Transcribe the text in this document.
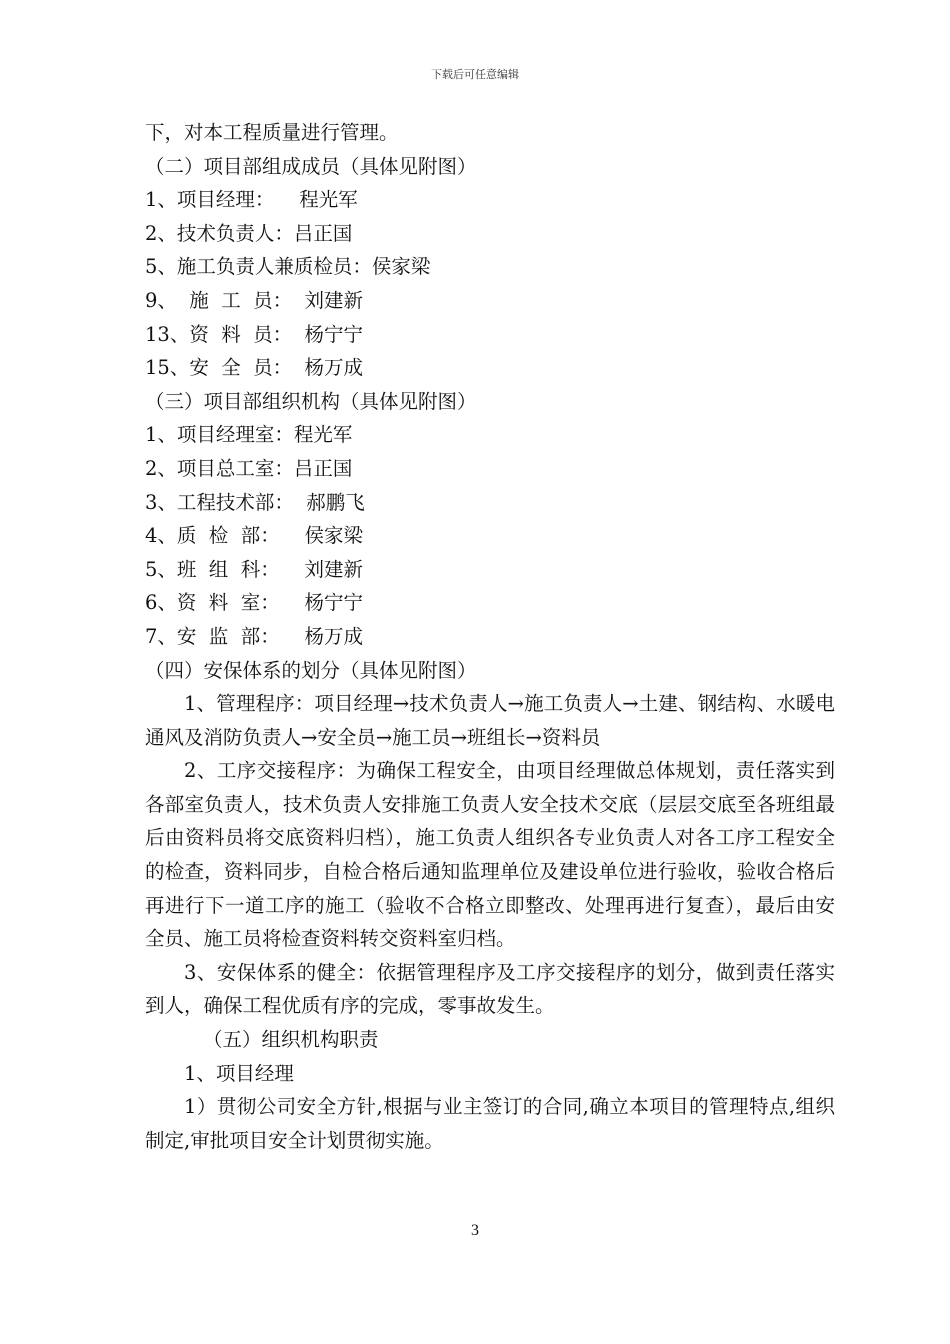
下载后可任意编辑

下，对本工程质量进行管理。

（二）项目部组成成员（具体见附图）

1、项目经理：    程光军

2、技术负责人：吕正国

5、施工负责人兼质检员：侯家梁

9、  施  工  员：  刘建新

13、资  料  员：  杨宁宁

15、安  全  员：  杨万成

（三）项目部组织机构（具体见附图）

1、项目经理室：程光军

2、项目总工室：吕正国

3、工程技术部：  郝鹏飞

4、质  检  部：    侯家梁

5、班  组  科：    刘建新

6、资  料  室：    杨宁宁

7、安  监  部：    杨万成

（四）安保体系的划分（具体见附图）

1、管理程序：项目经理→技术负责人→施工负责人→土建、钢结构、水暖电通风及消防负责人→安全员→施工员→班组长→资料员

2、工序交接程序：为确保工程安全，由项目经理做总体规划，责任落实到各部室负责人，技术负责人安排施工负责人安全技术交底（层层交底至各班组最后由资料员将交底资料归档），施工负责人组织各专业负责人对各工序工程安全的检查，资料同步，自检合格后通知监理单位及建设单位进行验收，验收合格后再进行下一道工序的施工（验收不合格立即整改、处理再进行复查），最后由安全员、施工员将检查资料转交资料室归档。

3、安保体系的健全：依据管理程序及工序交接程序的划分，做到责任落实到人，确保工程优质有序的完成，零事故发生。

（五）组织机构职责

1、项目经理

1）贯彻公司安全方针,根据与业主签订的合同,确立本项目的管理特点,组织制定,审批项目安全计划贯彻实施。

3
